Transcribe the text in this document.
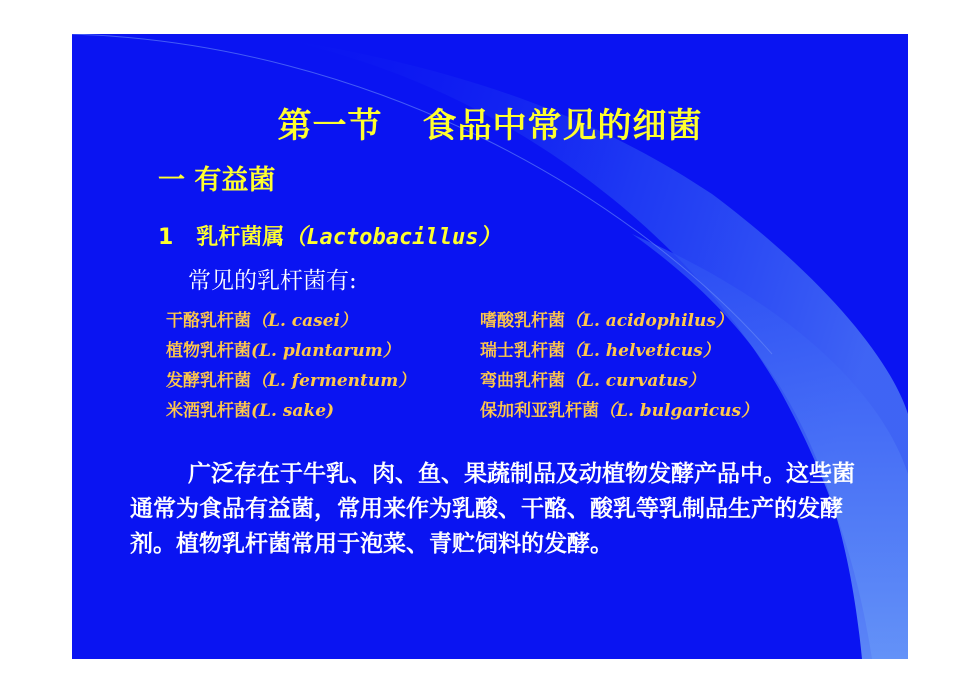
第一节 食品中常见的细菌
一 有益菌
1 乳杆菌属（Lactobacillus）
常见的乳杆菌有:
干酪乳杆菌（L. casei）
植物乳杆菌(L. plantarum）
发酵乳杆菌（L. fermentum）
米酒乳杆菌(L. sake)
嗜酸乳杆菌（L. acidophilus）
瑞士乳杆菌（L. helveticus）
弯曲乳杆菌（L. curvatus）
保加利亚乳杆菌（L. bulgaricus）
广泛存在于牛乳、肉、鱼、果蔬制品及动植物发酵产品中。这些菌通常为食品有益菌，常用来作为乳酸、干酪、酸乳等乳制品生产的发酵剂。植物乳杆菌常用于泡菜、青贮饲料的发酵。
